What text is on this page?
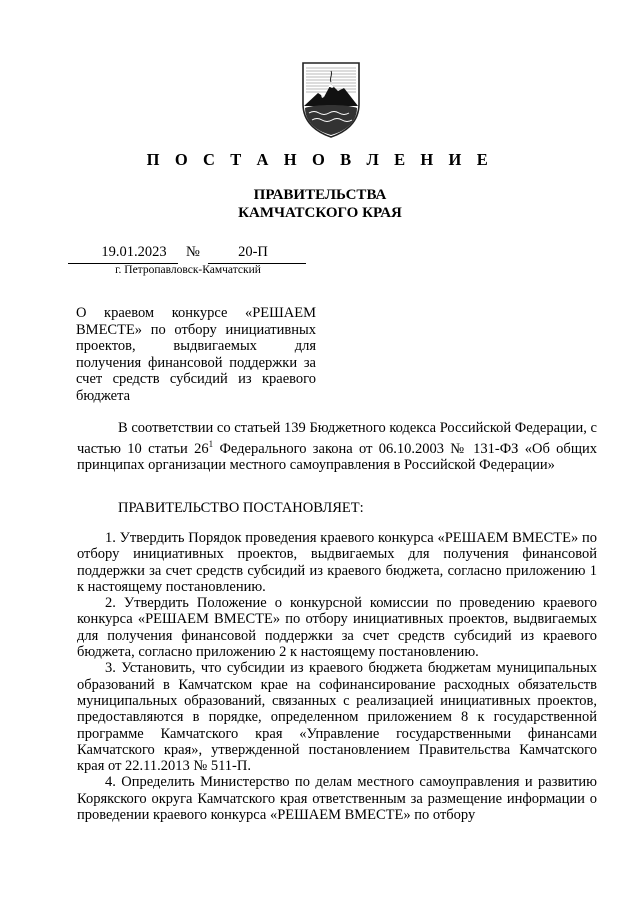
П О С Т А Н О В Л Е Н И Е
ПРАВИТЕЛЬСТВА
КАМЧАТСКОГО КРАЯ
19.01.2023	№	20-П
г. Петропавловск-Камчатский
О краевом конкурсе «РЕШАЕМ ВМЕСТЕ» по отбору инициативных проектов, выдвигаемых для получения финансовой поддержки за счет средств субсидий из краевого бюджета

В соответствии со статьей 139 Бюджетного кодекса Российской Федерации, с частью 10 статьи $26^1$ Федерального закона от 06.10.2003 № 131-ФЗ «Об общих принципах организации местного самоуправления в Российской Федерации»

ПРАВИТЕЛЬСТВО ПОСТАНОВЛЯЕТ:

1. Утвердить Порядок проведения краевого конкурса «РЕШАЕМ ВМЕСТЕ» по отбору инициативных проектов, выдвигаемых для получения финансовой поддержки за счет средств субсидий из краевого бюджета, согласно приложению 1 к настоящему постановлению.

2. Утвердить Положение о конкурсной комиссии по проведению краевого конкурса «РЕШАЕМ ВМЕСТЕ» по отбору инициативных проектов, выдвигаемых для получения финансовой поддержки за счет средств субсидий из краевого бюджета, согласно приложению 2 к настоящему постановлению.

3. Установить, что субсидии из краевого бюджета бюджетам муниципальных образований в Камчатском крае на софинансирование расходных обязательств муниципальных образований, связанных с реализацией инициативных проектов, предоставляются в порядке, определенном приложением 8 к государственной программе Камчатского края «Управление государственными финансами Камчатского края», утвержденной постановлением Правительства Камчатского края от 22.11.2013 № 511-П.

4. Определить Министерство по делам местного самоуправления и развитию Корякского округа Камчатского края ответственным за размещение информации о проведении краевого конкурса «РЕШАЕМ ВМЕСТЕ» по отбору
